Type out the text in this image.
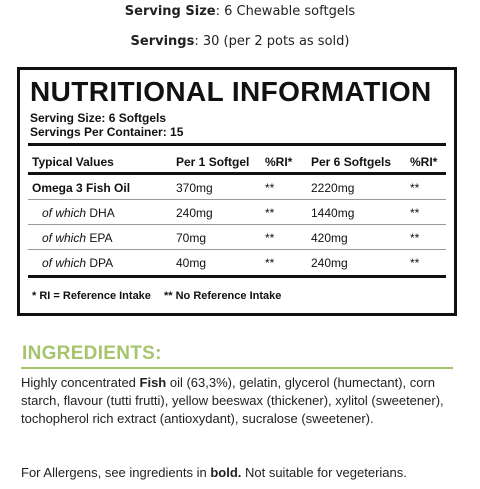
Serving Size: 6 Chewable softgels
Servings: 30 (per 2 pots as sold)
NUTRITIONAL INFORMATION
Serving Size: 6 Softgels
Servings Per Container: 15
Typical Values	Per 1 Softgel %RI* Per 6 Softgels %RI*
Omega 3 Fish Oil	370mg	**	2220mg	**
of which DHA	240mg	**	1440mg	**
of which EPA	70mg	**	420mg	**
of which DPA	40mg	**	240mg	**
* RI = Reference Intake ** No Reference Intake
INGREDIENTS:
Highly concentrated Fish oil (63,3%), gelatin, glycerol (humectant), corn starch, flavour (tutti frutti), yellow beeswax (thickener), xylitol (sweetener), tochopherol rich extract (antioxydant), sucralose (sweetener).
For Allergens, see ingredients in bold. Not suitable for vegeterians.
